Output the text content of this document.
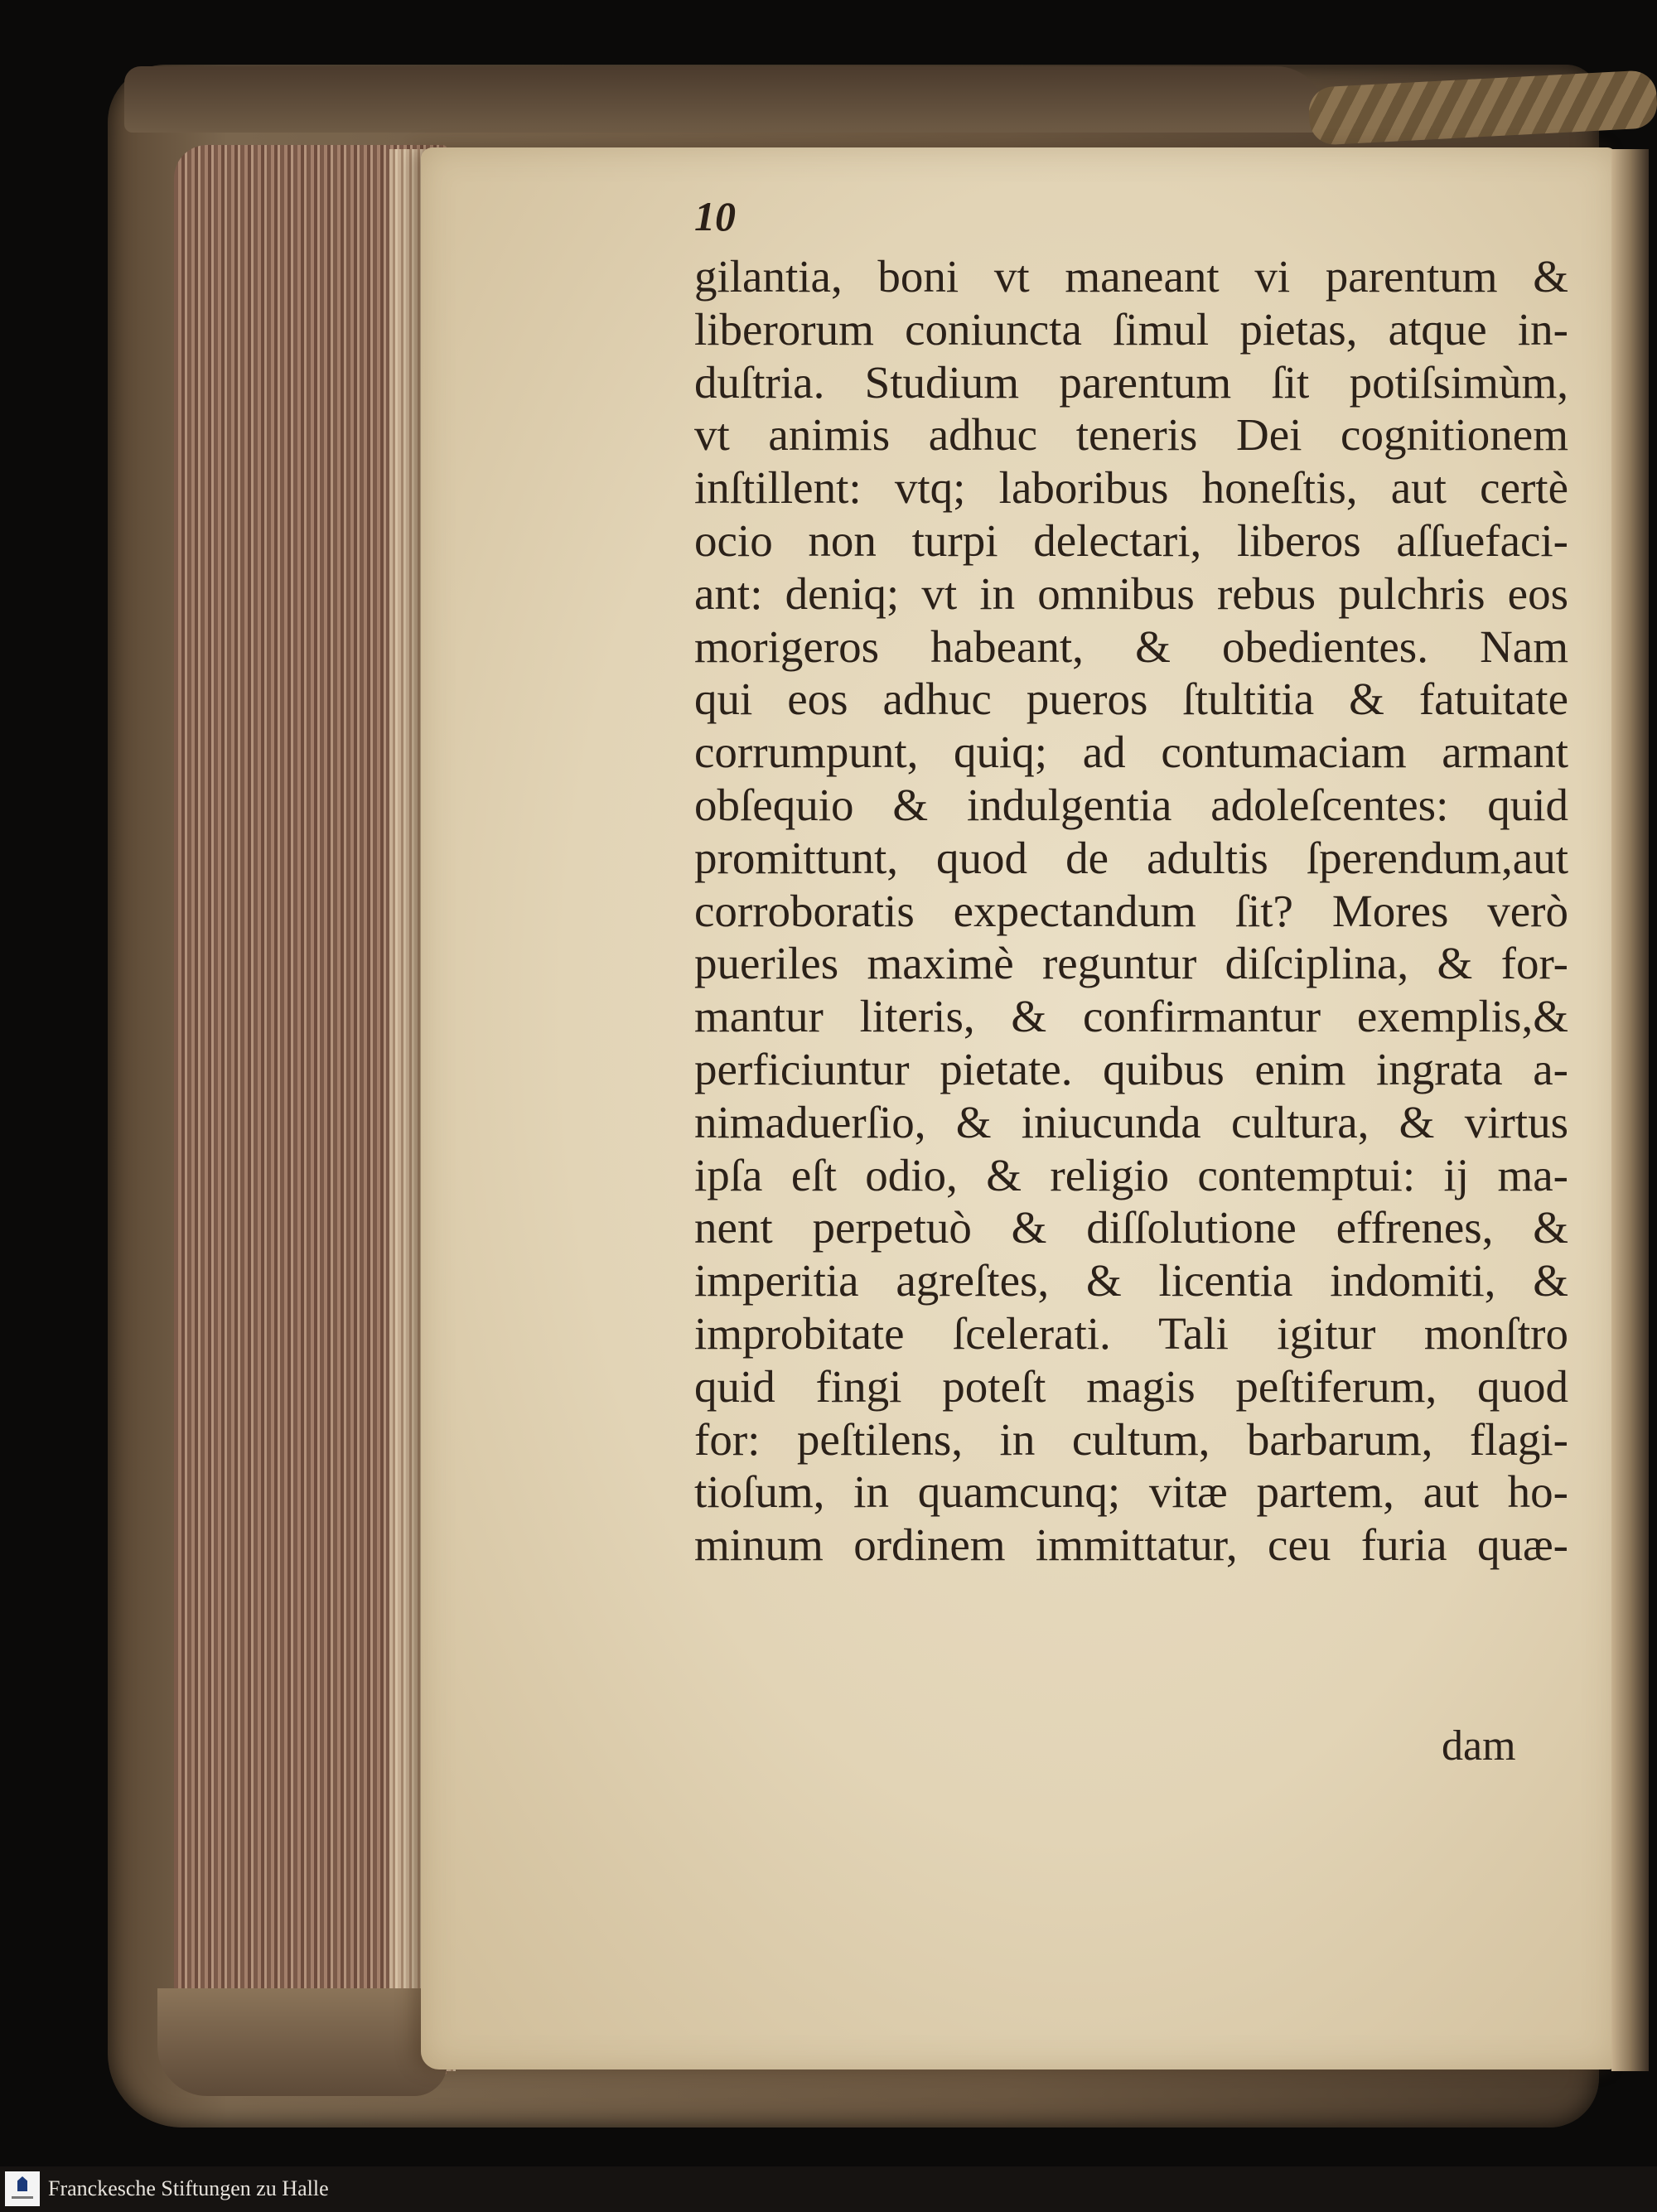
10
gilantia, boni vt maneant vi parentum &
liberorum coniuncta ſimul pietas, atque in-
duſtria. Studium parentum ſit potiſsimùm,
vt animis adhuc teneris Dei cognitionem
inſtillent: vtq; laboribus honeſtis, aut certè
ocio non turpi delectari, liberos aſſuefaci-
ant: deniq; vt in omnibus rebus pulchris eos
morigeros habeant, & obedientes. Nam
qui eos adhuc pueros ſtultitia & fatuitate
corrumpunt, quiq; ad contumaciam armant
obſequio & indulgentia adoleſcentes: quid
promittunt, quod de adultis ſperendum,aut
corroboratis expectandum ſit? Mores verò
pueriles maximè reguntur diſciplina, & for-
mantur literis, & confirmantur exemplis,&
perficiuntur pietate. quibus enim ingrata a-
nimaduerſio, & iniucunda cultura, & virtus
ipſa eſt odio, & religio contemptui: ij ma-
nent perpetuò & diſſolutione effrenes, &
imperitia agreſtes, & licentia indomiti, &
improbitate ſcelerati. Tali igitur monſtro
quid fingi poteſt magis peſtiferum, quod
for: peſtilens, in cultum, barbarum, flagi-
tioſum, in quamcunq; vitæ partem, aut ho-
minum ordinem immittatur, ceu furia quæ-
dam
Franckesche Stiftungen zu Halle
